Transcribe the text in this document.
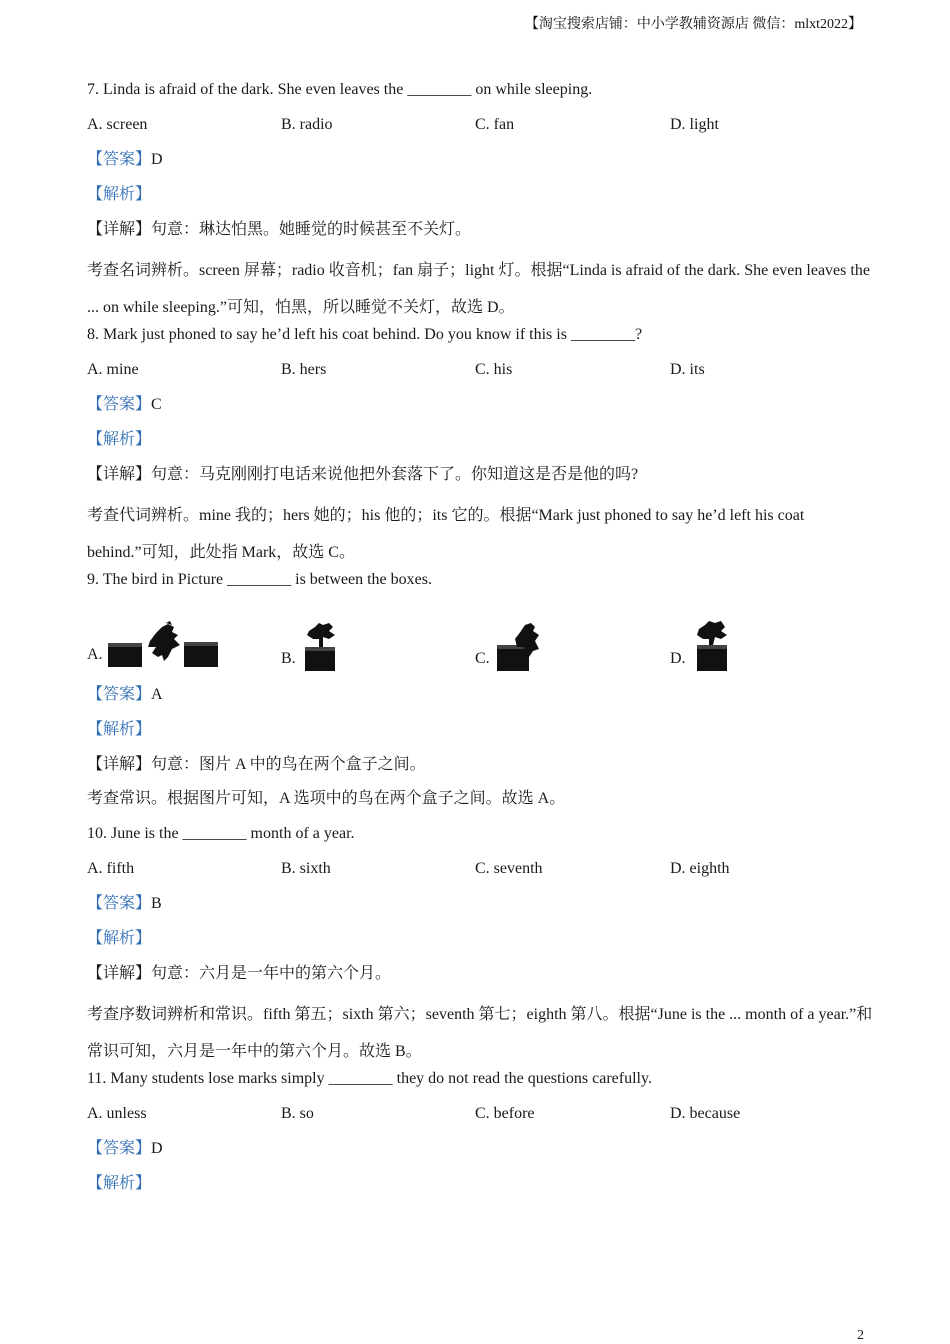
【淘宝搜索店铺：中小学教辅资源店 微信：mlxt2022】
7. Linda is afraid of the dark. She even leaves the ________ on while sleeping.
A. screen	B. radio	C. fan	D. light
【答案】D
【解析】
【详解】句意：琳达怕黑。她睡觉的时候甚至不关灯。
考查名词辨析。screen 屏幕；radio 收音机；fan 扇子；light 灯。根据“Linda is afraid of the dark. She even leaves the ... on while sleeping.”可知，怕黑，所以睡觉不关灯，故选 D。
8. Mark just phoned to say he’d left his coat behind. Do you know if this is ________?
A. mine	B. hers	C. his	D. its
【答案】C
【解析】
【详解】句意：马克刚刚打电话来说他把外套落下了。你知道这是否是他的吗?
考查代词辨析。mine 我的；hers 她的；his 他的；its 它的。根据“Mark just phoned to say he’d left his coat behind.”可知，此处指 Mark，故选 C。
9. The bird in Picture ________ is between the boxes.
A.	B.	C.	D.
【答案】A
【解析】
【详解】句意：图片 A 中的鸟在两个盒子之间。
考查常识。根据图片可知，A 选项中的鸟在两个盒子之间。故选 A。
10. June is the ________ month of a year.
A. fifth	B. sixth	C. seventh	D. eighth
【答案】B
【解析】
【详解】句意：六月是一年中的第六个月。
考查序数词辨析和常识。fifth 第五；sixth 第六；seventh 第七；eighth 第八。根据“June is the ... month of a year.”和常识可知，六月是一年中的第六个月。故选 B。
11. Many students lose marks simply ________ they do not read the questions carefully.
A. unless	B. so	C. before	D. because
【答案】D
【解析】
2
